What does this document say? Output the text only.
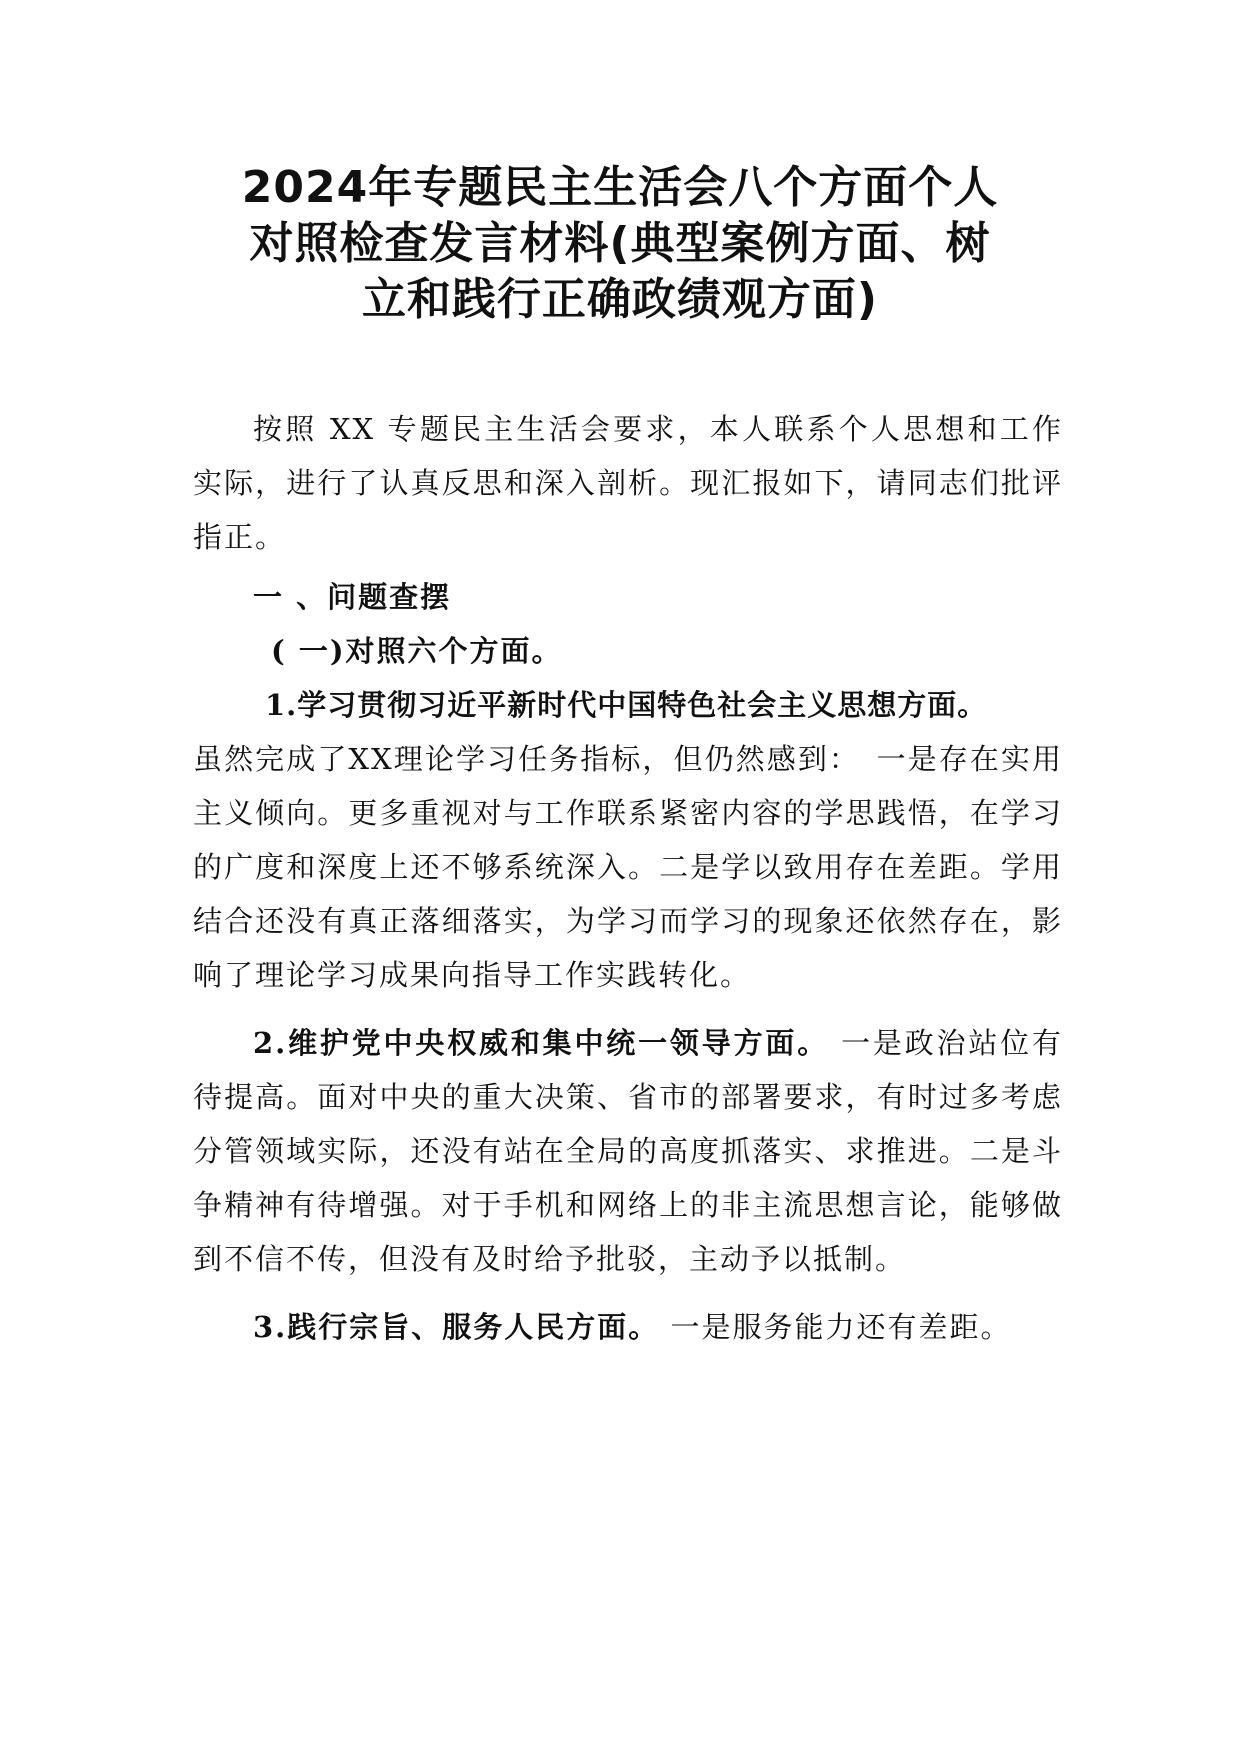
2024年专题民主生活会八个方面个人
对照检查发言材料(典型案例方面、树
立和践行正确政绩观方面)

按照 XX 专题民主生活会要求，本人联系个人思想和工作实际，进行了认真反思和深入剖析。现汇报如下，请同志们批评指正。

一 、问题查摆

( 一)对照六个方面。

1.学习贯彻习近平新时代中国特色社会主义思想方面。

虽然完成了XX理论学习任务指标，但仍然感到：　一是存在实用主义倾向。更多重视对与工作联系紧密内容的学思践悟，在学习的广度和深度上还不够系统深入。二是学以致用存在差距。学用结合还没有真正落细落实，为学习而学习的现象还依然存在，影响了理论学习成果向指导工作实践转化。

2.维护党中央权威和集中统一领导方面。 一是政治站位有待提高。面对中央的重大决策、省市的部署要求，有时过多考虑分管领域实际，还没有站在全局的高度抓落实、求推进。二是斗争精神有待增强。对于手机和网络上的非主流思想言论，能够做到不信不传，但没有及时给予批驳，主动予以抵制。

3.践行宗旨、服务人民方面。 一是服务能力还有差距。
